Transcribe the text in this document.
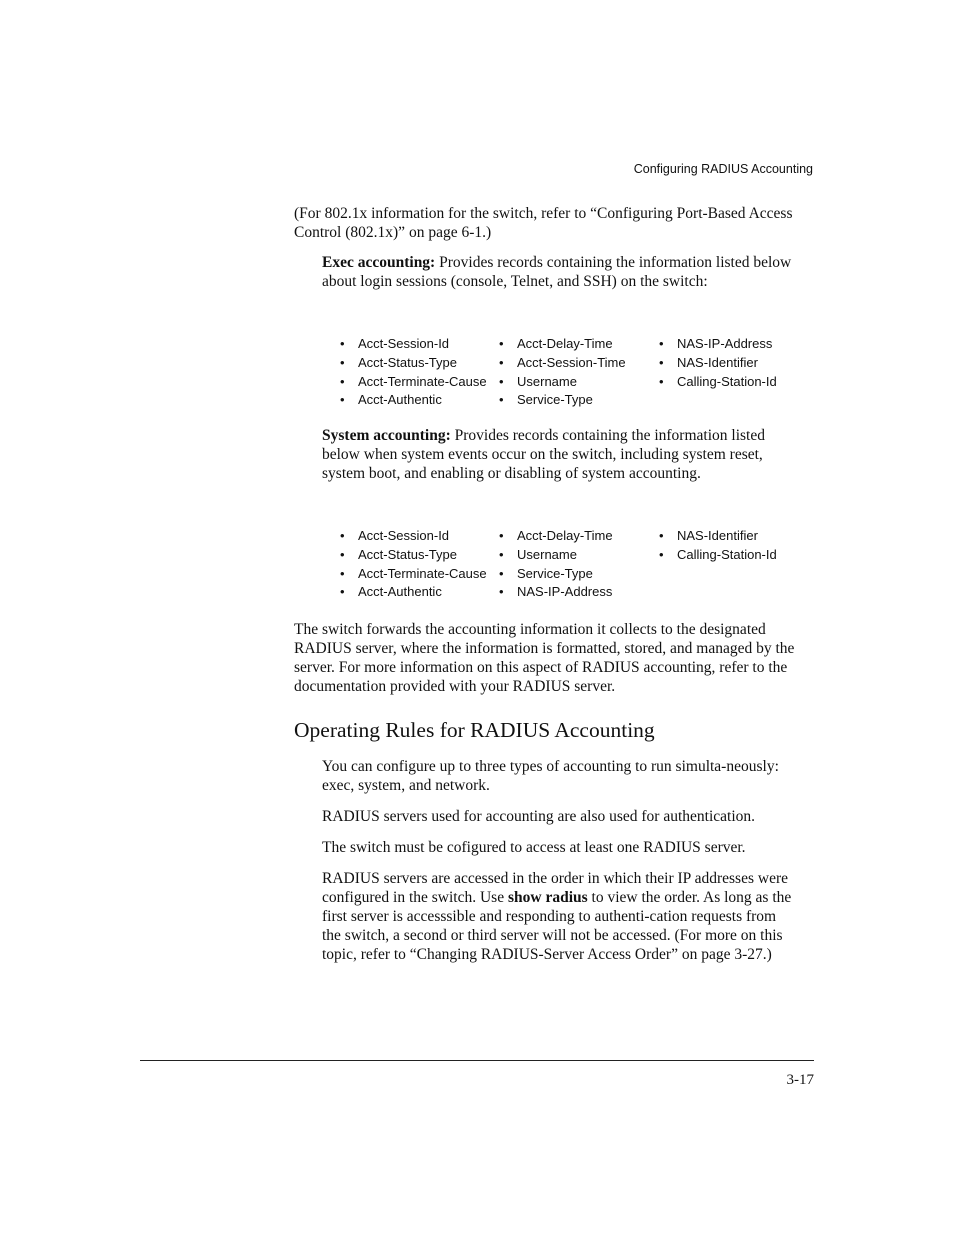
Configuring RADIUS Accounting

(For 802.1x information for the switch, refer to “Configuring Port-Based Access Control (802.1x)” on page 6-1.)

Exec accounting: Provides records containing the information listed below about login sessions (console, Telnet, and SSH) on the switch:

• Acct-Session-Id
• Acct-Status-Type
• Acct-Terminate-Cause
• Acct-Authentic
• Acct-Delay-Time
• Acct-Session-Time
• Username
• Service-Type
• NAS-IP-Address
• NAS-Identifier
• Calling-Station-Id

System accounting: Provides records containing the information listed below when system events occur on the switch, including system reset, system boot, and enabling or disabling of system accounting.

• Acct-Session-Id
• Acct-Status-Type
• Acct-Terminate-Cause
• Acct-Authentic
• Acct-Delay-Time
• Username
• Service-Type
• NAS-IP-Address
• NAS-Identifier
• Calling-Station-Id

The switch forwards the accounting information it collects to the designated RADIUS server, where the information is formatted, stored, and managed by the server. For more information on this aspect of RADIUS accounting, refer to the documentation provided with your RADIUS server.

Operating Rules for RADIUS Accounting

You can configure up to three types of accounting to run simulta-neously: exec, system, and network.

RADIUS servers used for accounting are also used for authentication.

The switch must be cofigured to access at least one RADIUS server.

RADIUS servers are accessed in the order in which their IP addresses were configured in the switch. Use show radius to view the order. As long as the first server is accesssible and responding to authenti-cation requests from the switch, a second or third server will not be accessed. (For more on this topic, refer to “Changing RADIUS-Server Access Order” on page 3-27.)

3-17
